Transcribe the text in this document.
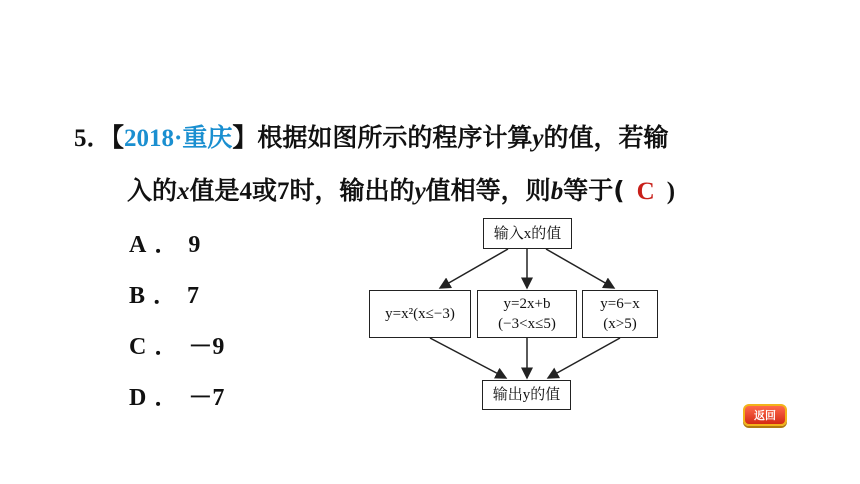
5．【2018·重庆】根据如图所示的程序计算y的值，若输
入的x值是4或7时，输出的y值相等，则b等于( C )
A ． 9
B ． 7
C ． －9
D ． －7
输入x的值
y=x²(x≤−3)
y=2x+b
(−3<x≤5)
y=6−x
(x>5)
输出y的值
返回
